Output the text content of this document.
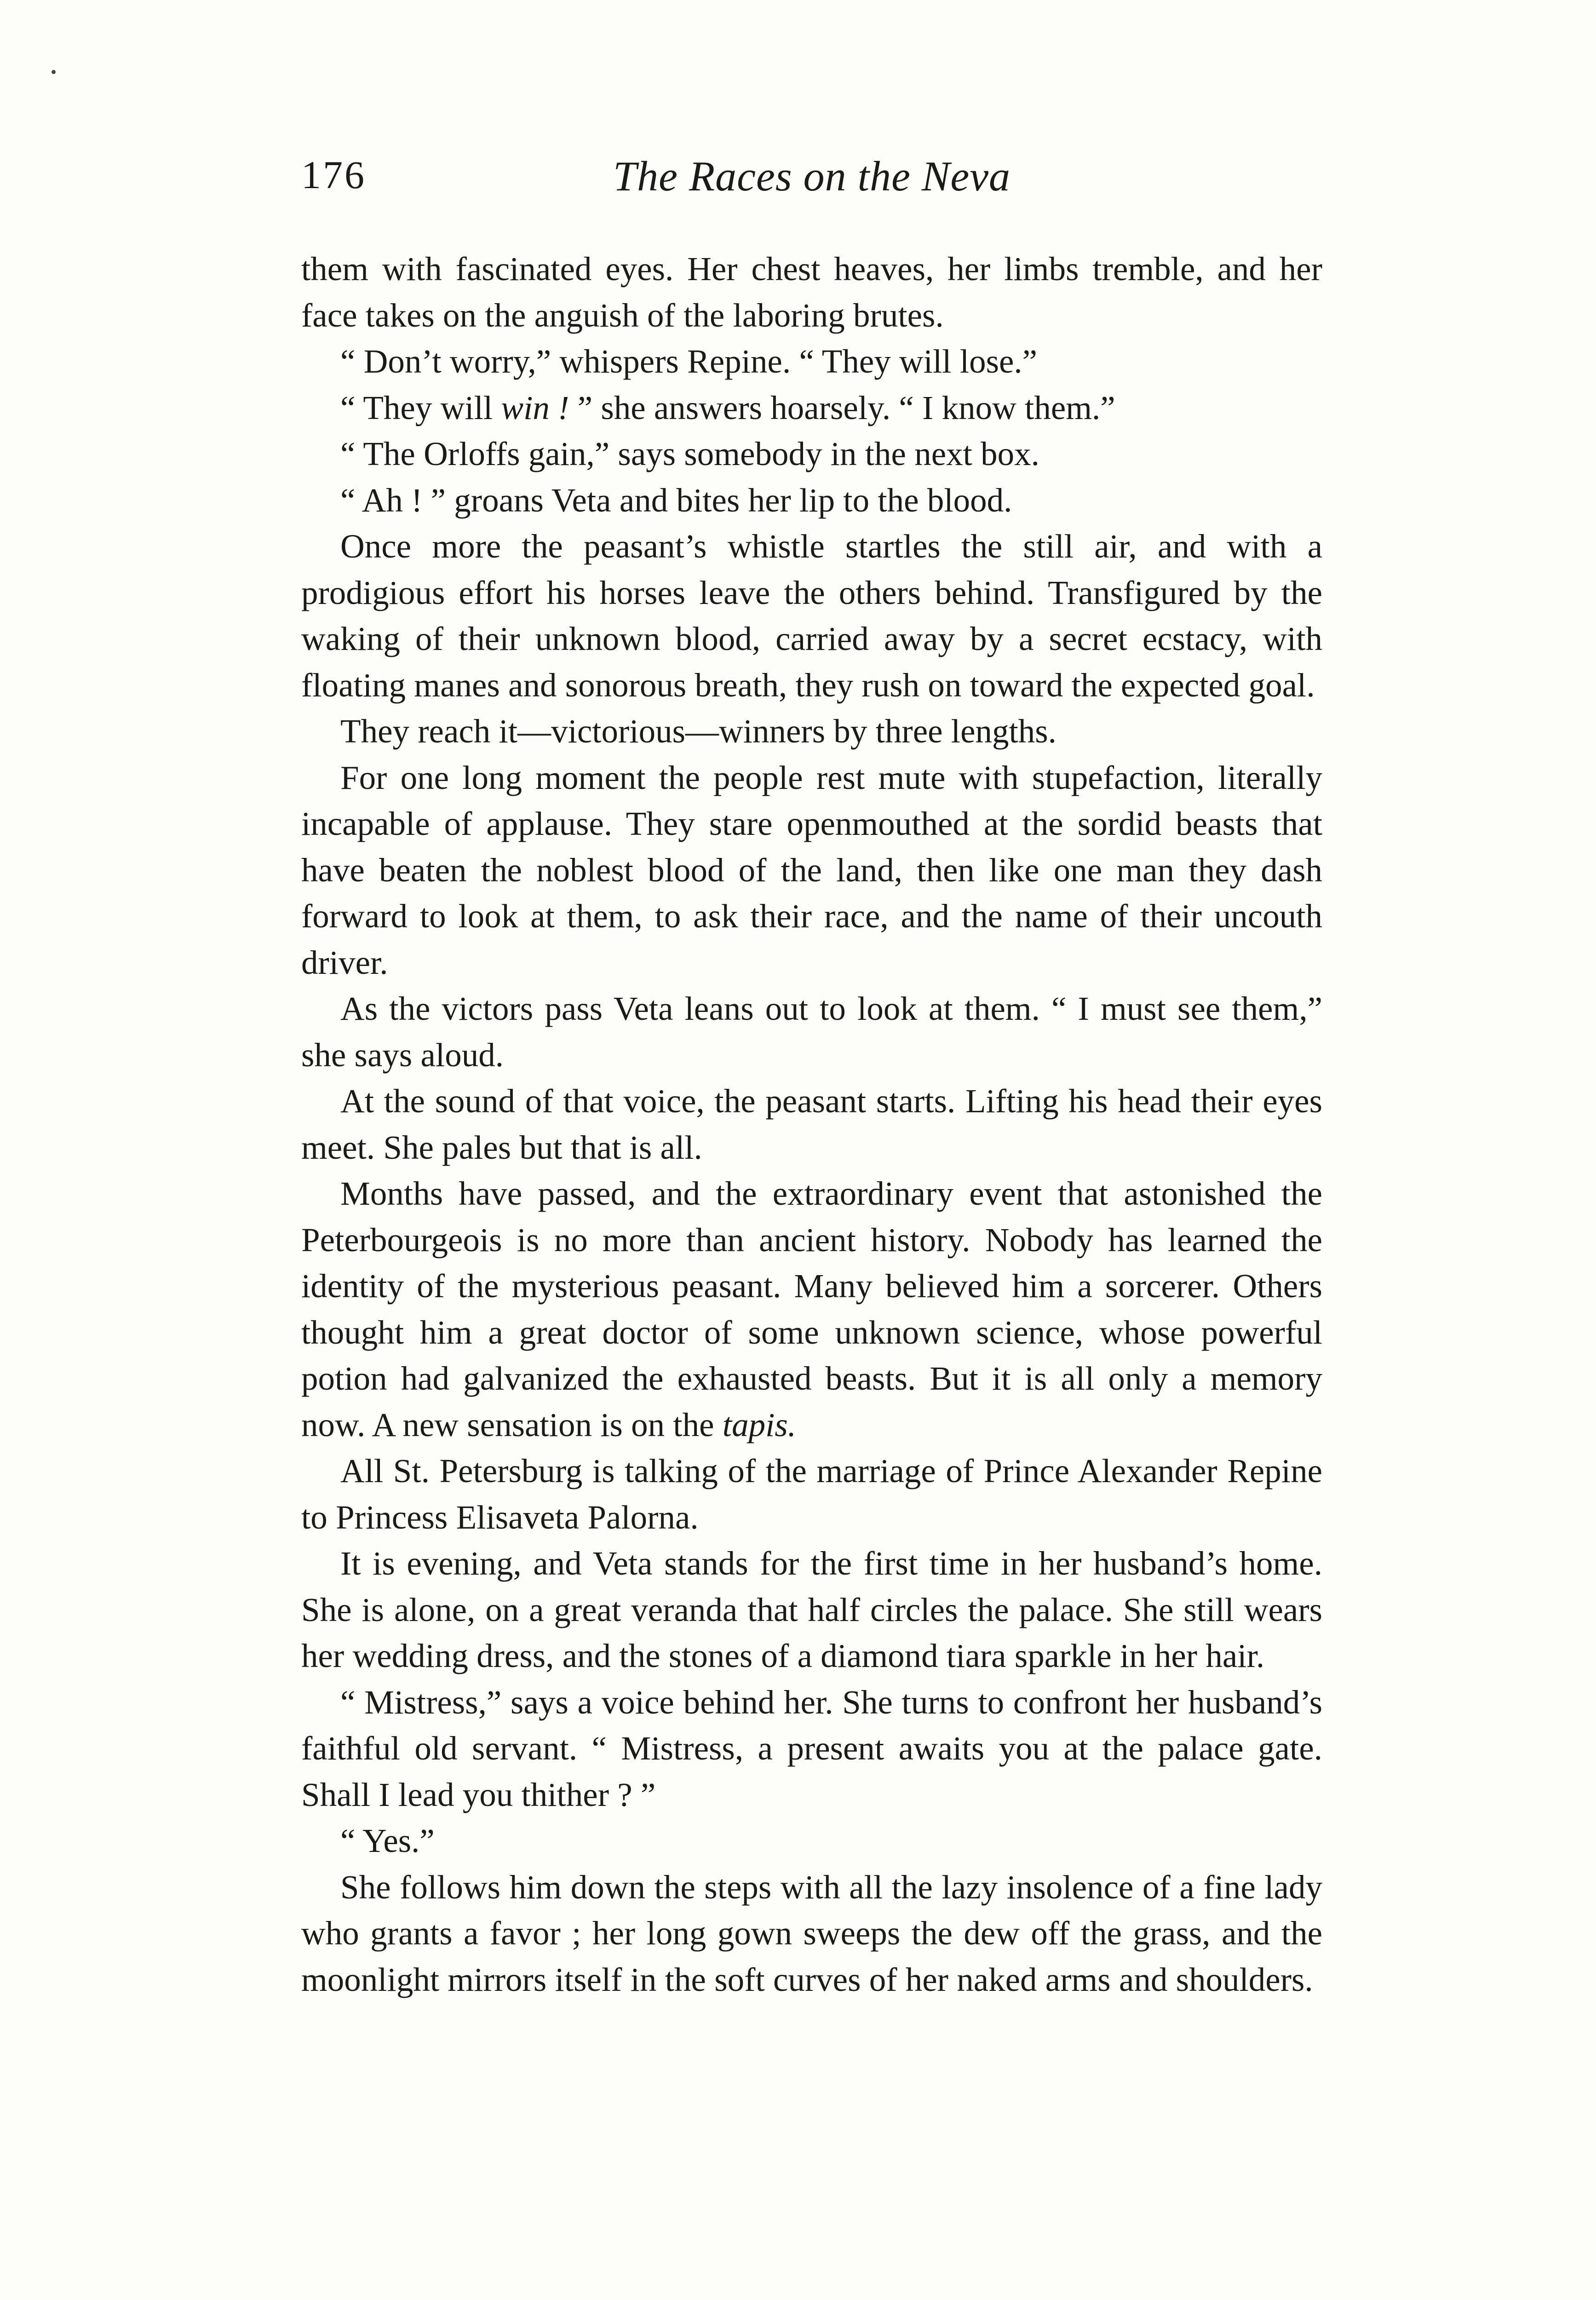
176	The Races on the Neva

them with fascinated eyes. Her chest heaves, her limbs tremble, and her face takes on the anguish of the laboring brutes.

“ Don’t worry,” whispers Repine. “ They will lose.”

“ They will win ! ” she answers hoarsely. “ I know them.”

“ The Orloffs gain,” says somebody in the next box.

“ Ah ! ” groans Veta and bites her lip to the blood.

Once more the peasant’s whistle startles the still air, and with a prodigious effort his horses leave the others behind. Transfigured by the waking of their unknown blood, carried away by a secret ecstacy, with floating manes and sonorous breath, they rush on toward the expected goal.

They reach it—victorious—winners by three lengths.

For one long moment the people rest mute with stupefaction, literally incapable of applause. They stare openmouthed at the sordid beasts that have beaten the noblest blood of the land, then like one man they dash forward to look at them, to ask their race, and the name of their uncouth driver.

As the victors pass Veta leans out to look at them. “ I must see them,” she says aloud.

At the sound of that voice, the peasant starts. Lifting his head their eyes meet. She pales but that is all.

Months have passed, and the extraordinary event that astonished the Peterbourgeois is no more than ancient history. Nobody has learned the identity of the mysterious peasant. Many believed him a sorcerer. Others thought him a great doctor of some unknown science, whose powerful potion had galvanized the exhausted beasts. But it is all only a memory now. A new sensation is on the tapis.

All St. Petersburg is talking of the marriage of Prince Alexander Repine to Princess Elisaveta Palorna.

It is evening, and Veta stands for the first time in her husband’s home. She is alone, on a great veranda that half circles the palace. She still wears her wedding dress, and the stones of a diamond tiara sparkle in her hair.

“ Mistress,” says a voice behind her. She turns to confront her husband’s faithful old servant. “ Mistress, a present awaits you at the palace gate. Shall I lead you thither ? ”

“ Yes.”

She follows him down the steps with all the lazy insolence of a fine lady who grants a favor ; her long gown sweeps the dew off the grass, and the moonlight mirrors itself in the soft curves of her naked arms and shoulders.
